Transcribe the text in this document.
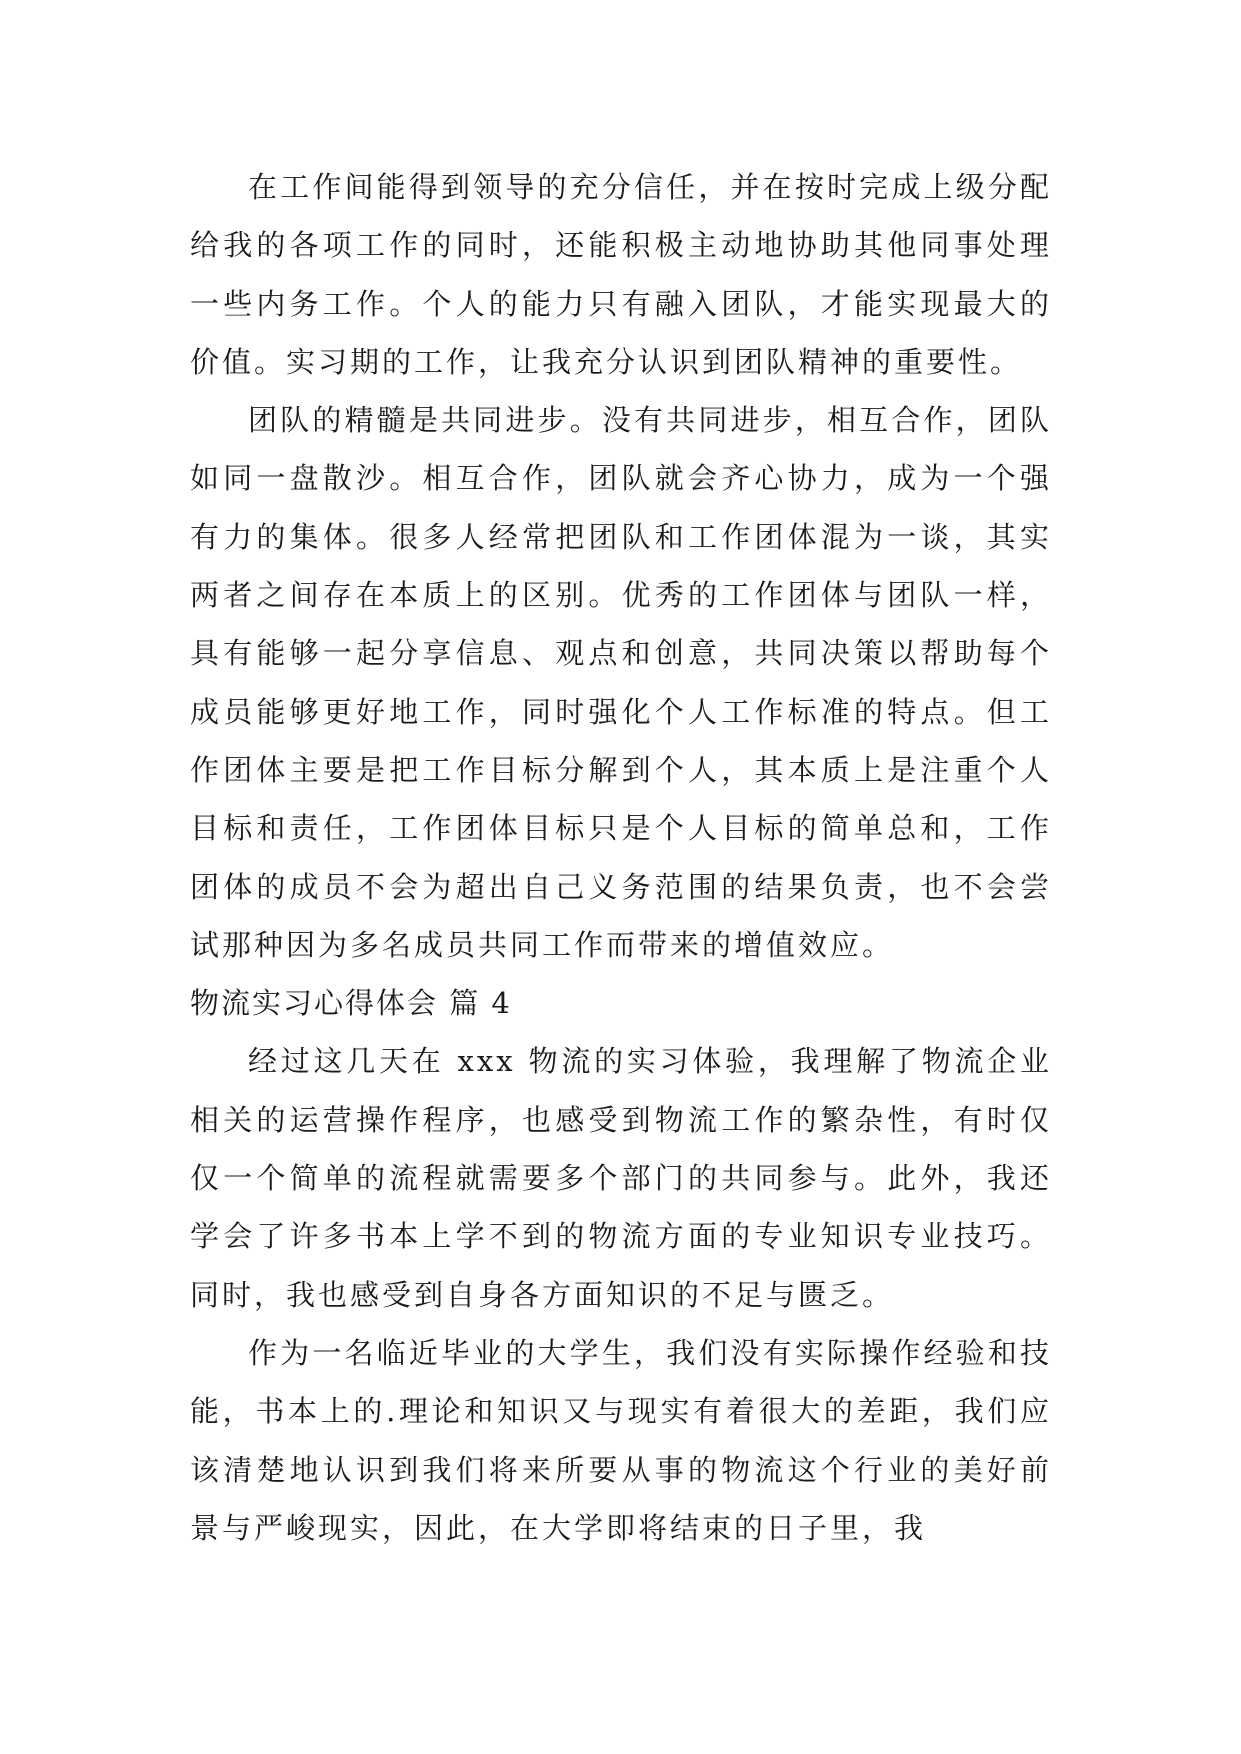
在工作间能得到领导的充分信任，并在按时完成上级分配给我的各项工作的同时，还能积极主动地协助其他同事处理一些内务工作。个人的能力只有融入团队，才能实现最大的价值。实习期的工作，让我充分认识到团队精神的重要性。

团队的精髓是共同进步。没有共同进步，相互合作，团队如同一盘散沙。相互合作，团队就会齐心协力，成为一个强有力的集体。很多人经常把团队和工作团体混为一谈，其实两者之间存在本质上的区别。优秀的工作团体与团队一样，具有能够一起分享信息、观点和创意，共同决策以帮助每个成员能够更好地工作，同时强化个人工作标准的特点。但工作团体主要是把工作目标分解到个人，其本质上是注重个人目标和责任，工作团体目标只是个人目标的简单总和，工作团体的成员不会为超出自己义务范围的结果负责，也不会尝试那种因为多名成员共同工作而带来的增值效应。

物流实习心得体会 篇 4

经过这几天在 xxx 物流的实习体验，我理解了物流企业相关的运营操作程序，也感受到物流工作的繁杂性，有时仅仅一个简单的流程就需要多个部门的共同参与。此外，我还学会了许多书本上学不到的物流方面的专业知识专业技巧。同时，我也感受到自身各方面知识的不足与匮乏。

作为一名临近毕业的大学生，我们没有实际操作经验和技能，书本上的.理论和知识又与现实有着很大的差距，我们应该清楚地认识到我们将来所要从事的物流这个行业的美好前景与严峻现实，因此，在大学即将结束的日子里，我
